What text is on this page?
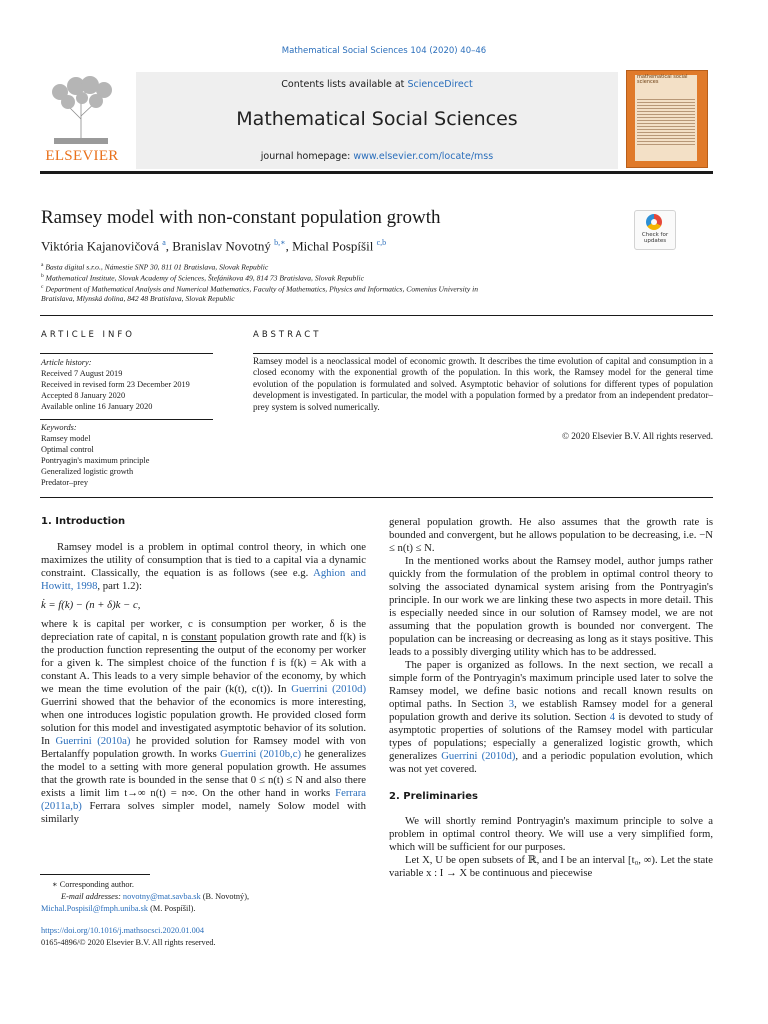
Mathematical Social Sciences 104 (2020) 40–46
ELSEVIER
Contents lists available at ScienceDirect
Mathematical Social Sciences
journal homepage: www.elsevier.com/locate/mss
mathematical social sciences
Ramsey model with non-constant population growth
Check for updates
Viktória Kajanovičová $^a$, Branislav Novotný $^{b,∗}$, Michal Pospíšil $^{c,b}$
$^a$ Basta digital s.r.o., Námestie SNP 30, 811 01 Bratislava, Slovak Republic
$^b$ Mathematical Institute, Slovak Academy of Sciences, Štefánikova 49, 814 73 Bratislava, Slovak Republic
$^c$ Department of Mathematical Analysis and Numerical Mathematics, Faculty of Mathematics, Physics and Informatics, Comenius University in
Bratislava, Mlynská dolina, 842 48 Bratislava, Slovak Republic
ARTICLE INFO	ABSTRACT
Article history:
Received 7 August 2019
Received in revised form 23 December 2019
Accepted 8 January 2020
Available online 16 January 2020
Keywords:
Ramsey model
Optimal control
Pontryagin's maximum principle
Generalized logistic growth
Predator–prey
Ramsey model is a neoclassical model of economic growth. It describes the time evolution of capital and consumption in a closed economy with the exponential growth of the population. In this work, the Ramsey model for the general time evolution of the population is formulated and solved. Asymptotic behavior of solutions for different types of population development is investigated. In particular, the model with a population formed by a predator from an independent predator–prey system is solved numerically.
© 2020 Elsevier B.V. All rights reserved.
1. Introduction

Ramsey model is a problem in optimal control theory, in which one maximizes the utility of consumption that is tied to a capital via a dynamic constraint. Classically, the equation is as follows (see e.g. Aghion and Howitt, 1998, part 1.2):

k̇ = f(k) − (n + δ)k − c,

where k is capital per worker, c is consumption per worker, δ is the depreciation rate of capital, n is constant population growth rate and f(k) is the production function representing the output of the economy per worker for a given k. The simplest choice of the function f is f(k) = Ak with a constant A. This leads to a very simple behavior of the economy, by which we mean the time evolution of the pair (k(t), c(t)). In Guerrini (2010d) Guerrini showed that the behavior of the economics is more interesting, when one introduces logistic population growth. He provided closed form solution for this model and investigated asymptotic behavior of its solution. In Guerrini (2010a) he provided solution for Ramsey model with von Bertalanffy population growth. In works Guerrini (2010b,c) he generalizes the model to a setting with more general population growth. He assumes that the growth rate is bounded in the sense that 0 ≤ n(t) ≤ N and also there exists a limit lim t→∞ n(t) = n∞. On the other hand in works Ferrara (2011a,b) Ferrara solves simpler model, namely Solow model with similarly

general population growth. He also assumes that the growth rate is bounded and convergent, but he allows population to be decreasing, i.e. −N ≤ n(t) ≤ N.

In the mentioned works about the Ramsey model, author jumps rather quickly from the formulation of the problem in optimal control theory to solving the associated dynamical system arising from the Pontryagin's principle. In our work we are linking these two aspects in more detail. This is especially needed since in our solution of Ramsey model, we are not assuming that the population growth is bounded nor convergent. The population can be increasing or decreasing as long as it stays positive. This leads to a possibly diverging utility which has to be addressed.

The paper is organized as follows. In the next section, we recall a simple form of the Pontryagin's maximum principle used later to solve the Ramsey model, we define basic notions and recall known results on optimal paths. In Section 3, we establish Ramsey model for a general population growth and derive its solution. Section 4 is devoted to study of asymptotic properties of solutions of the Ramsey model with particular types of populations; especially a generalized logistic growth, which generalizes Guerrini (2010d), and a periodic population evolution, which was not yet covered.

2. Preliminaries

We will shortly remind Pontryagin's maximum principle to solve a problem in optimal control theory. We will use a very simplified form, which will be sufficient for our purposes.

Let X, U be open subsets of ℝ, and I be an interval [t₀, ∞). Let the state variable x : I → X be continuous and piecewise

∗ Corresponding author.
E-mail addresses: novotny@mat.savba.sk (B. Novotný),
Michal.Pospisil@fmph.uniba.sk (M. Pospíšil).
https://doi.org/10.1016/j.mathsocsci.2020.01.004
0165-4896/© 2020 Elsevier B.V. All rights reserved.
